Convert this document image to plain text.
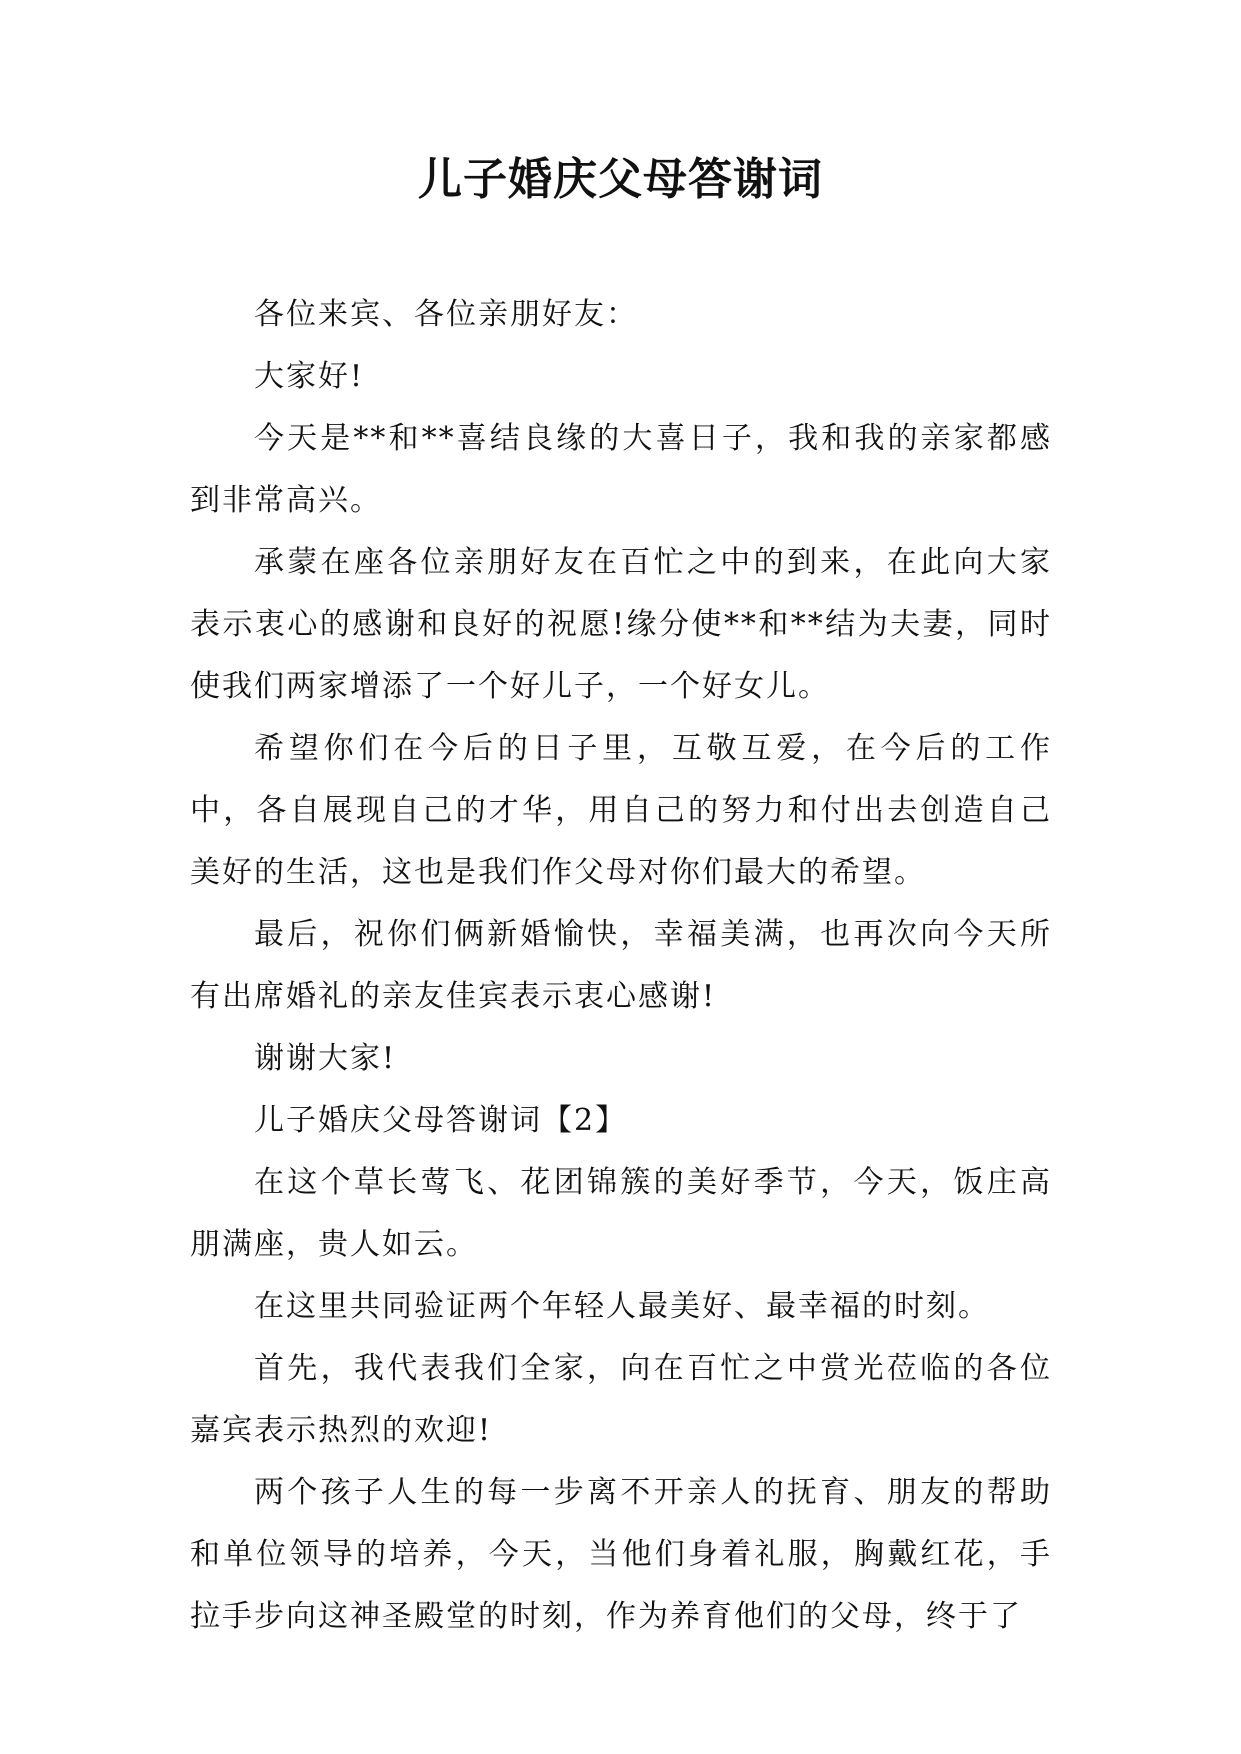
儿子婚庆父母答谢词

各位来宾、各位亲朋好友：

大家好!

今天是**和**喜结良缘的大喜日子，我和我的亲家都感到非常高兴。

承蒙在座各位亲朋好友在百忙之中的到来，在此向大家表示衷心的感谢和良好的祝愿!缘分使**和**结为夫妻，同时使我们两家增添了一个好儿子，一个好女儿。

希望你们在今后的日子里，互敬互爱，在今后的工作中，各自展现自己的才华，用自己的努力和付出去创造自己美好的生活，这也是我们作父母对你们最大的希望。

最后，祝你们俩新婚愉快，幸福美满，也再次向今天所有出席婚礼的亲友佳宾表示衷心感谢!

谢谢大家!

儿子婚庆父母答谢词【2】

在这个草长莺飞、花团锦簇的美好季节，今天，饭庄高朋满座，贵人如云。

在这里共同验证两个年轻人最美好、最幸福的时刻。

首先，我代表我们全家，向在百忙之中赏光莅临的各位嘉宾表示热烈的欢迎!

两个孩子人生的每一步离不开亲人的抚育、朋友的帮助和单位领导的培养，今天，当他们身着礼服，胸戴红花，手拉手步向这神圣殿堂的时刻，作为养育他们的父母，终于了
